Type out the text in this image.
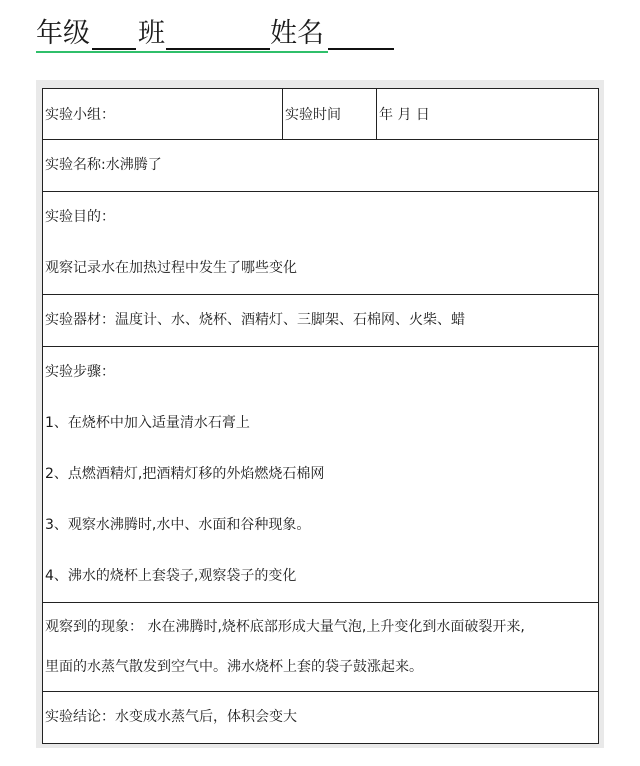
年级 班	姓名
实验小组：	实验时间	年 月 日
实验名称:水沸腾了

实验目的：
观察记录水在加热过程中发生了哪些变化

实验器材：温度计、水、烧杯、酒精灯、三脚架、石棉网、火柴、蜡

实验步骤：
1、在烧杯中加入适量清水石膏上
2、点燃酒精灯,把酒精灯移的外焰燃烧石棉网
3、观察水沸腾时,水中、水面和谷种现象。
4、沸水的烧杯上套袋子,观察袋子的变化

观察到的现象： 水在沸腾时,烧杯底部形成大量气泡,上升变化到水面破裂开来,
里面的水蒸气散发到空气中。沸水烧杯上套的袋子鼓涨起来。

实验结论：水变成水蒸气后，体积会变大
